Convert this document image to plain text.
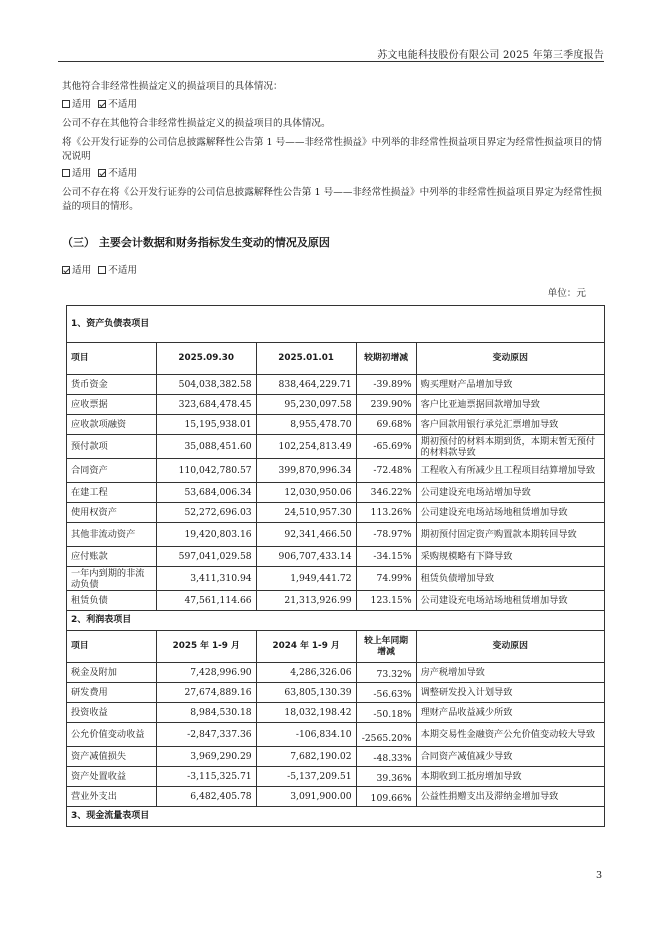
苏文电能科技股份有限公司 2025 年第三季度报告
其他符合非经常性损益定义的损益项目的具体情况：
适用 不适用
公司不存在其他符合非经常性损益定义的损益项目的具体情况。
将《公开发行证券的公司信息披露解释性公告第 1 号——非经常性损益》中列举的非经常性损益项目界定为经常性损益项目的情况说明
适用 不适用
公司不存在将《公开发行证券的公司信息披露解释性公告第 1 号——非经常性损益》中列举的非经常性损益项目界定为经常性损益的项目的情形。
（三） 主要会计数据和财务指标发生变动的情况及原因
适用 不适用
单位：元
1、资产负债表项目				
项目	2025.09.30	2025.01.01	较期初增减	变动原因
货币资金	504,038,382.58	838,464,229.71	-39.89%	购买理财产品增加导致
应收票据	323,684,478.45	95,230,097.58	239.90%	客户比亚迪票据回款增加导致
应收款项融资	15,195,938.01	8,955,478.70	69.68%	客户回款用银行承兑汇票增加导致
预付款项	35,088,451.60	102,254,813.49	-65.69%	期初预付的材料本期到货，本期末暂无预付的材料款导致
合同资产	110,042,780.57	399,870,996.34	-72.48%	工程收入有所减少且工程项目结算增加导致
在建工程	53,684,006.34	12,030,950.06	346.22%	公司建设充电场站增加导致
使用权资产	52,272,696.03	24,510,957.30	113.26%	公司建设充电场站场地租赁增加导致
其他非流动资产	19,420,803.16	92,341,466.50	-78.97%	期初预付固定资产购置款本期转回导致
应付账款	597,041,029.58	906,707,433.14	-34.15%	采购规模略有下降导致
一年内到期的非流动负债	3,411,310.94	1,949,441.72	74.99%	租赁负债增加导致
租赁负债	47,561,114.66	21,313,926.99	123.15%	公司建设充电场站场地租赁增加导致
2、利润表项目				
项目	2025 年 1-9 月	2024 年 1-9 月	较上年同期增减	变动原因
税金及附加	7,428,996.90	4,286,326.06	73.32%	房产税增加导致
研发费用	27,674,889.16	63,805,130.39	-56.63%	调整研发投入计划导致
投资收益	8,984,530.18	18,032,198.42	-50.18%	理财产品收益减少所致
公允价值变动收益	-2,847,337.36	-106,834.10	-2565.20%	本期交易性金融资产公允价值变动较大导致
资产减值损失	3,969,290.29	7,682,190.02	-48.33%	合同资产减值减少导致
资产处置收益	-3,115,325.71	-5,137,209.51	39.36%	本期收到工抵房增加导致
营业外支出	6,482,405.78	3,091,900.00	109.66%	公益性捐赠支出及滞纳金增加导致
3、现金流量表项目				
3
